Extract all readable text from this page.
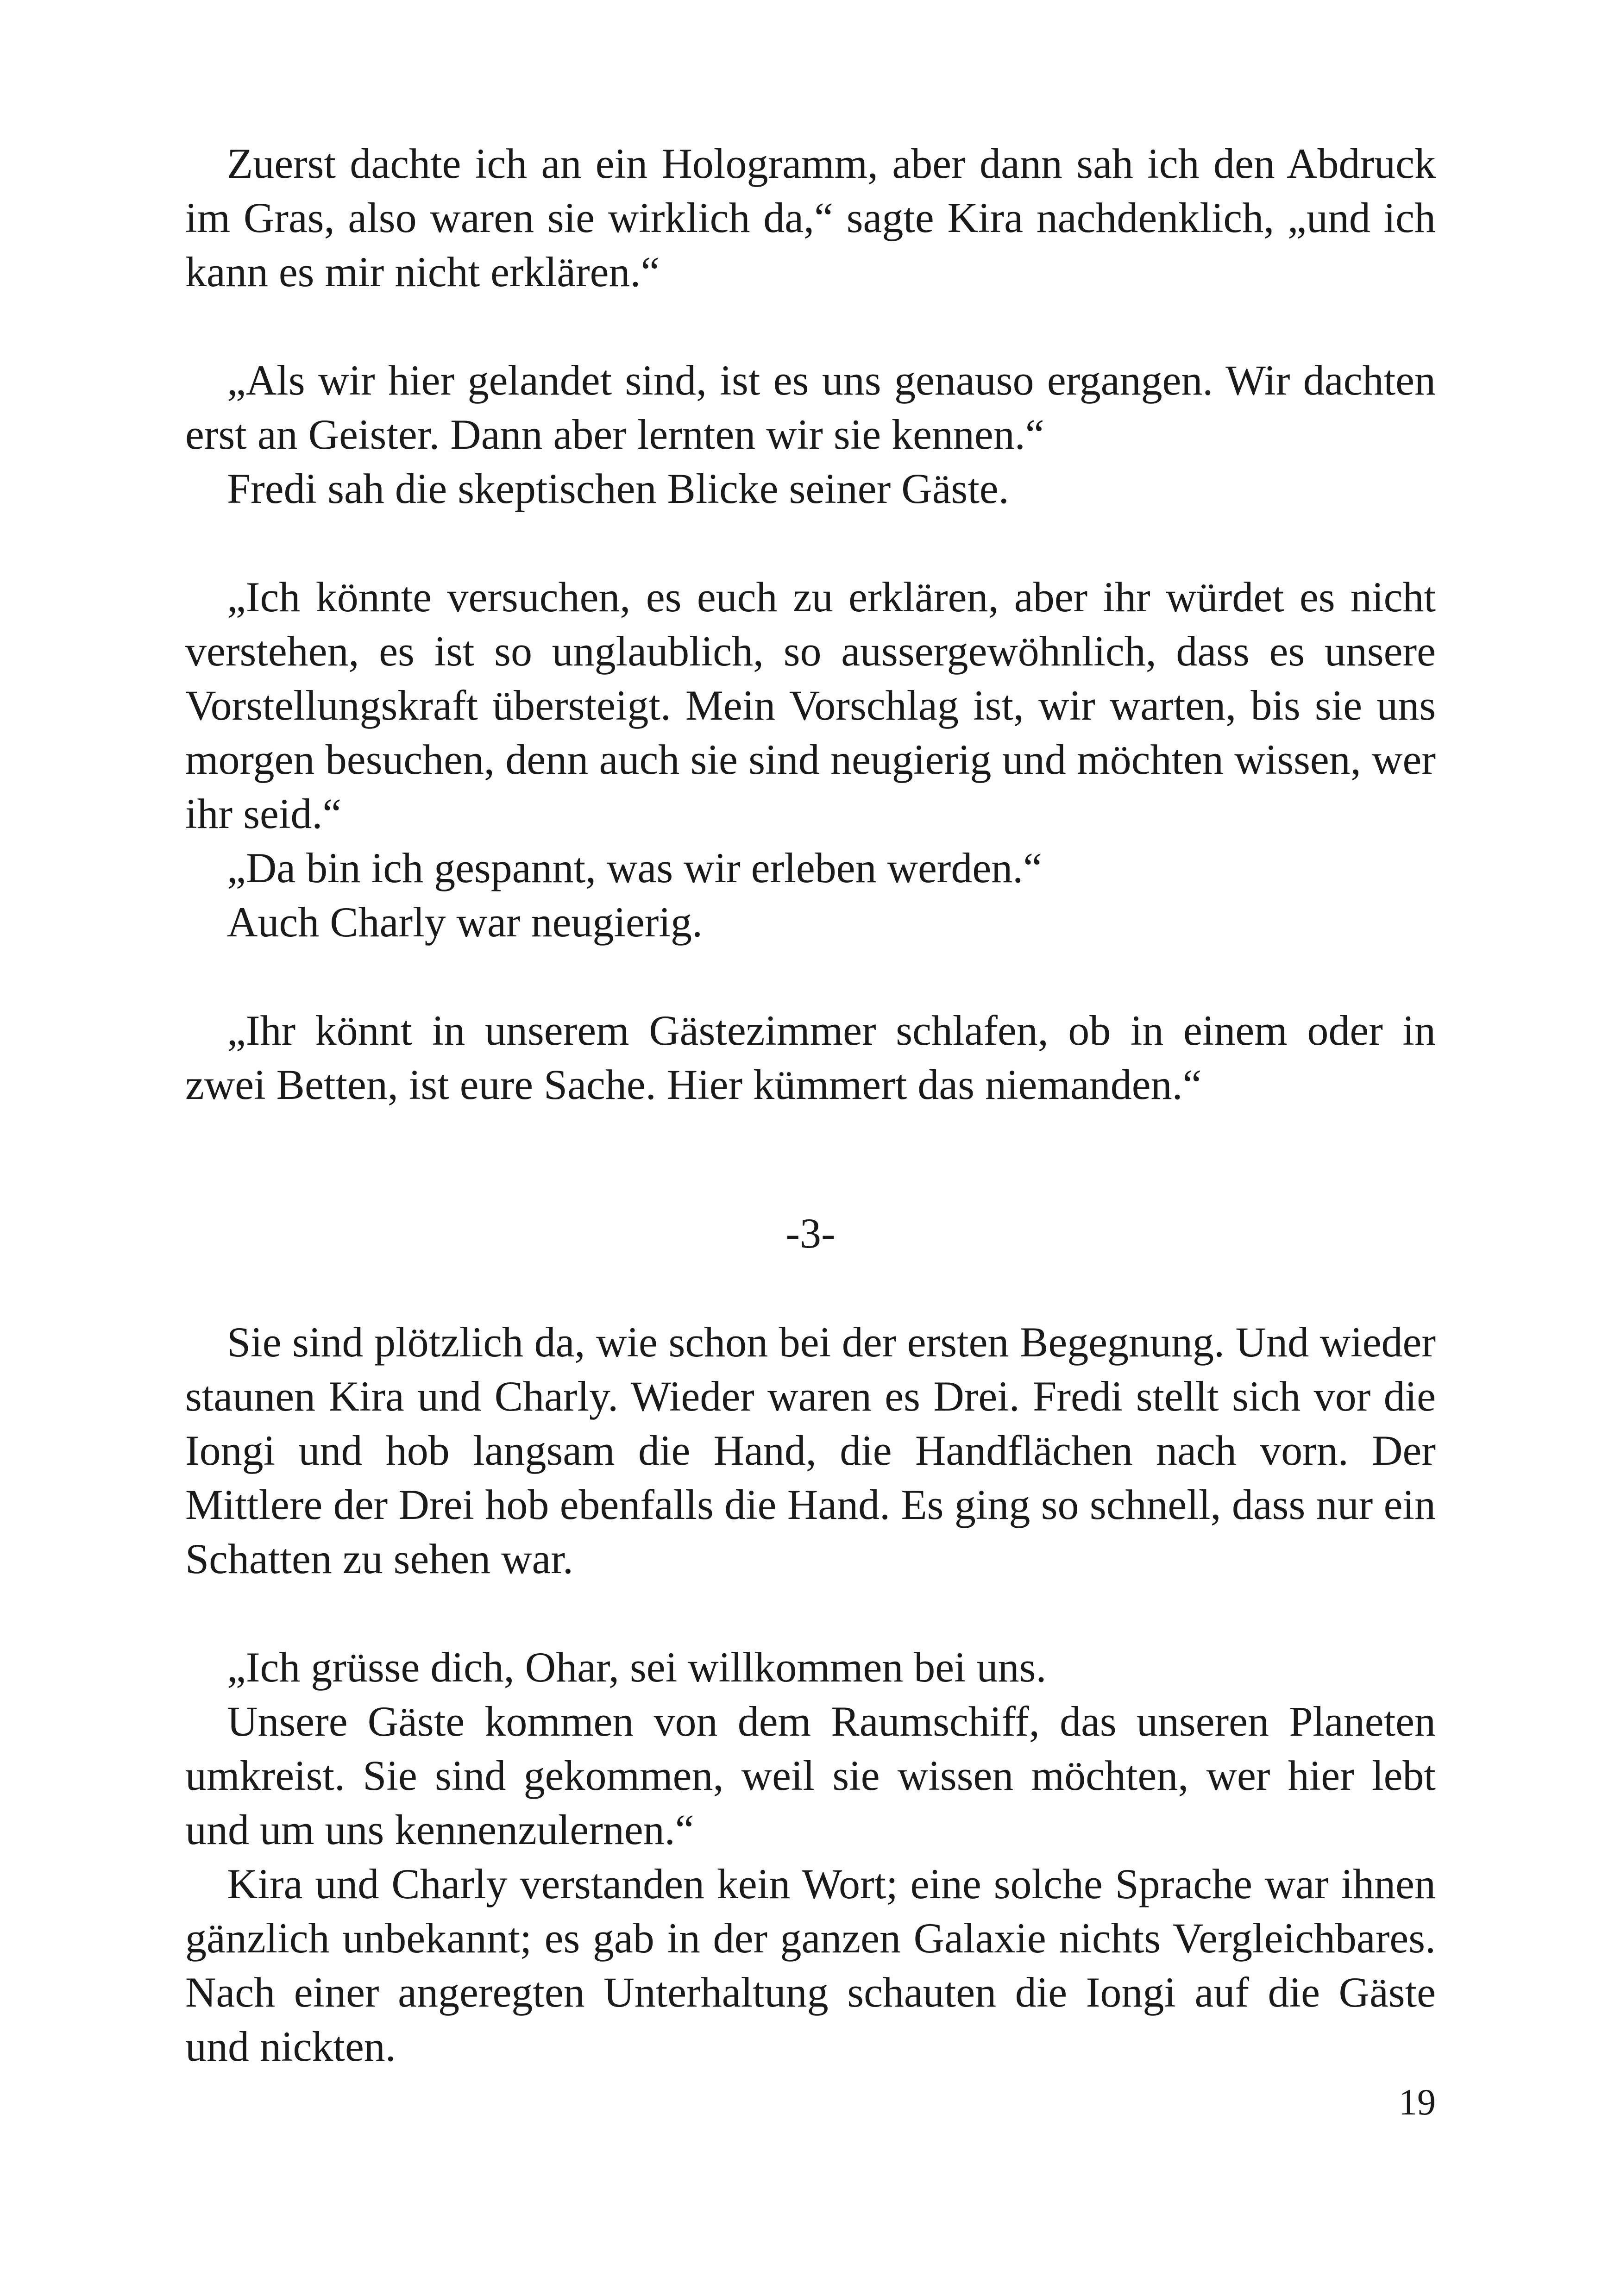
Zuerst dachte ich an ein Hologramm, aber dann sah ich den Abdruck im Gras, also waren sie wirklich da,“ sagte Kira nachdenklich, „und ich kann es mir nicht erklären.“

„Als wir hier gelandet sind, ist es uns genauso ergangen. Wir dachten erst an Geister. Dann aber lernten wir sie kennen.“

Fredi sah die skeptischen Blicke seiner Gäste.

„Ich könnte versuchen, es euch zu erklären, aber ihr würdet es nicht verstehen, es ist so unglaublich, so aussergewöhnlich, dass es unsere Vorstellungskraft übersteigt. Mein Vorschlag ist, wir warten, bis sie uns morgen besuchen, denn auch sie sind neugierig und möchten wissen, wer ihr seid.“

„Da bin ich gespannt, was wir erleben werden.“

Auch Charly war neugierig.

„Ihr könnt in unserem Gästezimmer schlafen, ob in einem oder in zwei Betten, ist eure Sache. Hier kümmert das niemanden.“

-3-

Sie sind plötzlich da, wie schon bei der ersten Begegnung. Und wieder staunen Kira und Charly. Wieder waren es Drei. Fredi stellt sich vor die Iongi und hob langsam die Hand, die Handflächen nach vorn. Der Mittlere der Drei hob ebenfalls die Hand. Es ging so schnell, dass nur ein Schatten zu sehen war.

„Ich grüsse dich, Ohar, sei willkommen bei uns.

Unsere Gäste kommen von dem Raumschiff, das unseren Planeten umkreist. Sie sind gekommen, weil sie wissen möchten, wer hier lebt und um uns kennenzulernen.“

Kira und Charly verstanden kein Wort; eine solche Sprache war ihnen gänzlich unbekannt; es gab in der ganzen Galaxie nichts Vergleichbares. Nach einer angeregten Unterhaltung schauten die Iongi auf die Gäste und nickten.

19
